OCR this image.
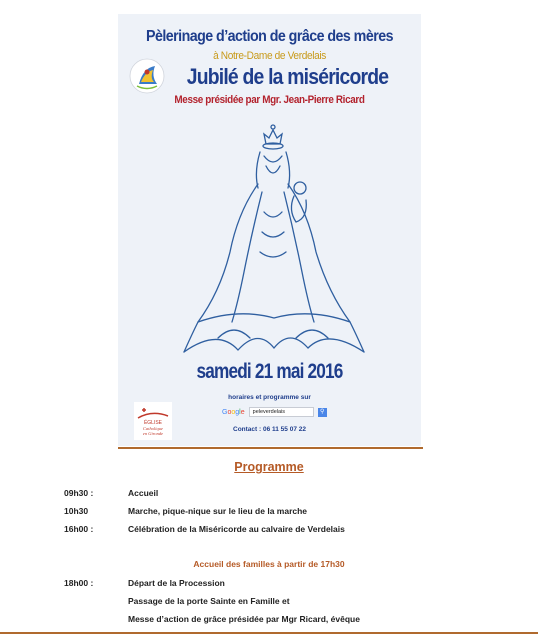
Pèlerinage d’action de grâce des mères
à Notre-Dame de Verdelais
Jubilé de la miséricorde
Messe présidée par Mgr. Jean-Pierre Ricard
samedi 21 mai 2016
horaires et programme sur
Google	peleverdelais	⚲
Contact : 06 11 55 07 22
ÉGLISE
Catholique
en Gironde
Programme
09h30 :	Accueil
10h30	Marche, pique-nique sur le lieu de la marche
16h00 :	Célébration de la Miséricorde au calvaire de Verdelais
Accueil des familles à partir de 17h30
18h00 :	Départ de la Procession
Passage de la porte Sainte en Famille et
Messe d’action de grâce présidée par Mgr Ricard, évêque
